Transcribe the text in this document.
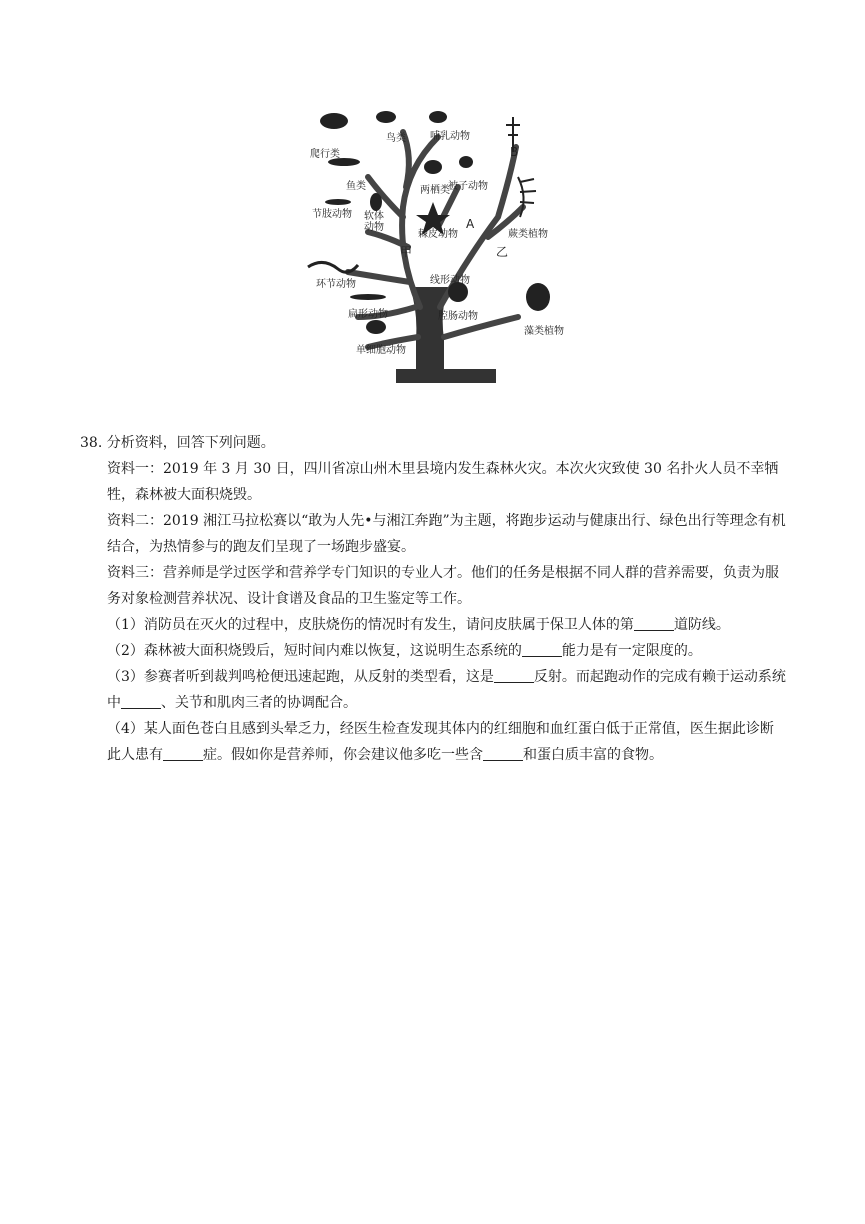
爬行类
鸟类 哺乳动物
鱼类	两栖类
节肢动物 软体动物
棘皮动物	蕨类植物
环节动物	线形动物
扁形动物	腔肠动物
藻类植物
单细胞动物
被子动物
甲	乙
A
B
38. 分析资料，回答下列问题。
资料一：2019 年 3 月 30 日，四川省凉山州木里县境内发生森林火灾。本次火灾致使 30 名扑火人员不幸牺牲，森林被大面积烧毁。
资料二：2019 湘江马拉松赛以“敢为人先•与湘江奔跑”为主题，将跑步运动与健康出行、绿色出行等理念有机结合，为热情参与的跑友们呈现了一场跑步盛宴。
资料三：营养师是学过医学和营养学专门知识的专业人才。他们的任务是根据不同人群的营养需要，负责为服务对象检测营养状况、设计食谱及食品的卫生鉴定等工作。
（1）消防员在灭火的过程中，皮肤烧伤的情况时有发生，请问皮肤属于保卫人体的第	道防线。
（2）森林被大面积烧毁后，短时间内难以恢复，这说明生态系统的	能力是有一定限度的。
（3）参赛者听到裁判鸣枪便迅速起跑，从反射的类型看，这是	反射。而起跑动作的完成有赖于运动系统中	、关节和肌肉三者的协调配合。
（4）某人面色苍白且感到头晕乏力，经医生检查发现其体内的红细胞和血红蛋白低于正常值，医生据此诊断此人患有	症。假如你是营养师，你会建议他多吃一些含	和蛋白质丰富的食物。
